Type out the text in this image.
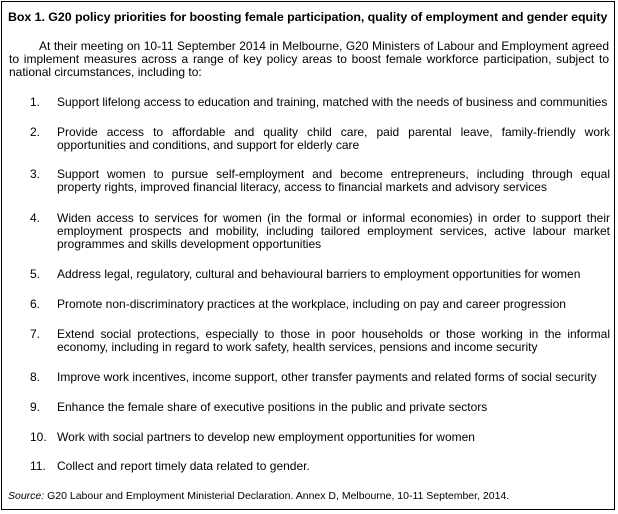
Box 1. G20 policy priorities for boosting female participation, quality of employment and gender equity
At their meeting on 10-11 September 2014 in Melbourne, G20 Ministers of Labour and Employment agreed to implement measures across a range of key policy areas to boost female workforce participation, subject to national circumstances, including to:
1.	Support lifelong access to education and training, matched with the needs of business and communities
2.	Provide access to affordable and quality child care, paid parental leave, family-friendly work opportunities and conditions, and support for elderly care
3.	Support women to pursue self-employment and become entrepreneurs, including through equal property rights, improved financial literacy, access to financial markets and advisory services
4.	Widen access to services for women (in the formal or informal economies) in order to support their employment prospects and mobility, including tailored employment services, active labour market programmes and skills development opportunities
5.	Address legal, regulatory, cultural and behavioural barriers to employment opportunities for women
6.	Promote non-discriminatory practices at the workplace, including on pay and career progression
7.	Extend social protections, especially to those in poor households or those working in the informal economy, including in regard to work safety, health services, pensions and income security
8.	Improve work incentives, income support, other transfer payments and related forms of social security
9.	Enhance the female share of executive positions in the public and private sectors
10. Work with social partners to develop new employment opportunities for women
11. Collect and report timely data related to gender.
Source: G20 Labour and Employment Ministerial Declaration. Annex D, Melbourne, 10-11 September, 2014.
